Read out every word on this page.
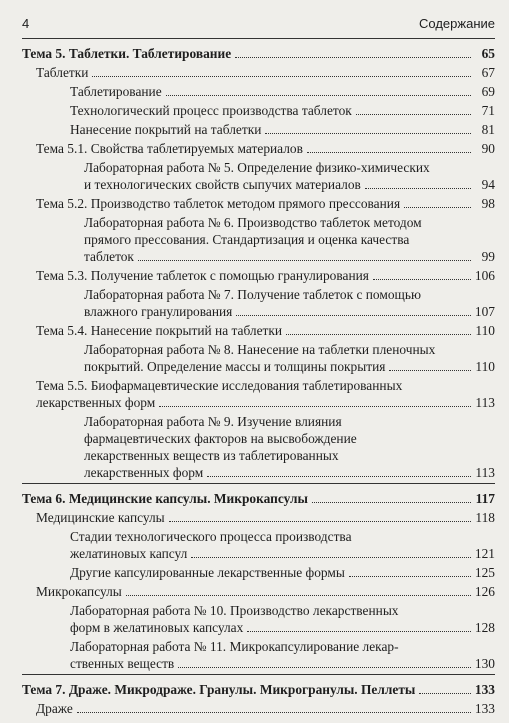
4	Содержание
Тема 5. Таблетки. Таблетирование	65
Таблетки	67
Таблетирование	69
Технологический процесс производства таблеток	71
Нанесение покрытий на таблетки	81
Тема 5.1. Свойства таблетируемых материалов	90
Лабораторная работа № 5. Определение физико-химических
и технологических свойств сыпучих материалов	94
Тема 5.2. Производство таблеток методом прямого прессования	98
Лабораторная работа № 6. Производство таблеток методом
прямого прессования. Стандартизация и оценка качества
таблеток	99
Тема 5.3. Получение таблеток с помощью гранулирования	106
Лабораторная работа № 7. Получение таблеток с помощью
влажного гранулирования	107
Тема 5.4. Нанесение покрытий на таблетки	110
Лабораторная работа № 8. Нанесение на таблетки пленочных
покрытий. Определение массы и толщины покрытия	110
Тема 5.5. Биофармацевтические исследования таблетированных
лекарственных форм	113
Лабораторная работа № 9. Изучение влияния
фармацевтических факторов на высвобождение
лекарственных веществ из таблетированных
лекарственных форм	113
Тема 6. Медицинские капсулы. Микрокапсулы	117
Медицинские капсулы	118
Стадии технологического процесса производства
желатиновых капсул	121
Другие капсулированные лекарственные формы	125
Микрокапсулы	126
Лабораторная работа № 10. Производство лекарственных
форм в желатиновых капсулах	128
Лабораторная работа № 11. Микрокапсулирование лекар-
ственных веществ	130
Тема 7. Драже. Микродраже. Гранулы. Микрогранулы. Пеллеты	133
Драже	133
